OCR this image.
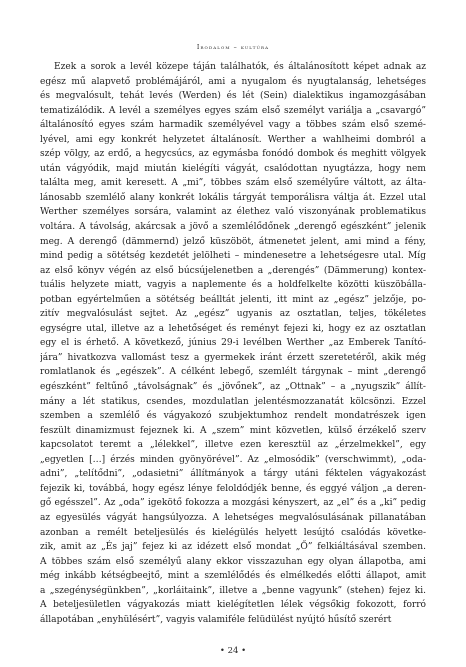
Irodalom – kultúra
Ezek a sorok a levél közepe táján találhatók, és általánosított képet adnak az
egész mű alapvető problémájáról, ami a nyugalom és nyugtalanság, lehetséges
és megvalósult, tehát levés (Werden) és lét (Sein) dialektikus ingamozgásában
tematizálódik. A levél a személyes egyes szám első személyt variálja a „csavargó”
általánosító egyes szám harmadik személyével vagy a többes szám első szemé-
lyével, ami egy konkrét helyzetet általánosít. Werther a wahlheimi dombról a
szép völgy, az erdő, a hegycsúcs, az egymásba fonódó dombok és meghitt völgyek
után vágyódik, majd miután kielégíti vágyát, csalódottan nyugtázza, hogy nem
találta meg, amit keresett. A „mi”, többes szám első személyűre váltott, az álta-
lánosabb szemlélő alany konkrét lokális tárgyát temporálisra váltja át. Ezzel utal
Werther személyes sorsára, valamint az élethez való viszonyának problematikus
voltára. A távolság, akárcsak a jövő a szemlélődőnek „derengő egészként” jelenik
meg. A derengő (dämmernd) jelző küszöböt, átmenetet jelent, ami mind a fény,
mind pedig a sötétség kezdetét jelölheti – mindenesetre a lehetségesre utal. Míg
az első könyv végén az első búcsújelenetben a „derengés” (Dämmerung) kontex-
tuális helyzete miatt, vagyis a naplemente és a holdfelkelte közötti küszöbálla-
potban egyértelműen a sötétség beálltát jelenti, itt mint az „egész” jelzője, po-
zitív megvalósulást sejtet. Az „egész” ugyanis az osztatlan, teljes, tökéletes
egységre utal, illetve az a lehetőséget és reményt fejezi ki, hogy ez az osztatlan
egy el is érhető. A következő, június 29-i levélben Werther „az Emberek Tanító-
jára” hivatkozva vallomást tesz a gyermekek iránt érzett szeretetéről, akik még
romlatlanok és „egészek”. A célként lebegő, szemlélt tárgynak – mint „derengő
egészként” feltűnő „távolságnak” és „jövőnek”, az „Ottnak” – a „nyugszik” állít-
mány a lét statikus, csendes, mozdulatlan jelentésmozzanatát kölcsönzi. Ezzel
szemben a szemlélő és vágyakozó szubjektumhoz rendelt mondatrészek igen
feszült dinamizmust fejeznek ki. A „szem” mint közvetlen, külső érzékelő szerv
kapcsolatot teremt a „lélekkel”, illetve ezen keresztül az „érzelmekkel”, egy
„egyetlen […] érzés minden gyönyörével”. Az „elmosódik” (verschwimmt), „oda-
adni”, „telítődni”, „odasietni” állítmányok a tárgy utáni féktelen vágyakozást
fejezik ki, továbbá, hogy egész lénye feloldódjék benne, és eggyé váljon „a deren-
gő egésszel”. Az „oda” igekötő fokozza a mozgási kényszert, az „el” és a „ki” pedig
az egyesülés vágyát hangsúlyozza. A lehetséges megvalósulásának pillanatában
azonban a remélt beteljesülés és kielégülés helyett lesújtó csalódás követke-
zik, amit az „És jaj” fejez ki az idézett első mondat „Ő” felkiáltásával szemben.
A többes szám első személyű alany ekkor visszazuhan egy olyan állapotba, ami
még inkább kétségbeejtő, mint a szemlélődés és elmélkedés előtti állapot, amit
a „szegénységünkben”, „korláitaink”, illetve a „benne vagyunk” (stehen) fejez ki.
A beteljesületlen vágyakozás miatt kielégítetlen lélek végsőkig fokozott, forró
állapotában „enyhülésért”, vagyis valamiféle felüdülést nyújtó hűsítő szerért
• 24 •
